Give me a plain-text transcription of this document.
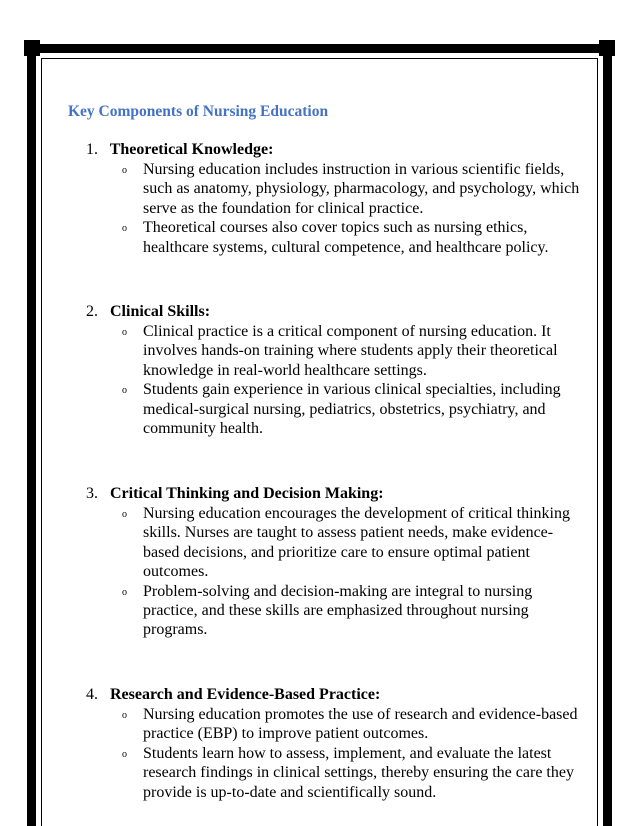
Key Components of Nursing Education
1. Theoretical Knowledge:
o Nursing education includes instruction in various scientific fields, such as anatomy, physiology, pharmacology, and psychology, which serve as the foundation for clinical practice.
o Theoretical courses also cover topics such as nursing ethics, healthcare systems, cultural competence, and healthcare policy.
2. Clinical Skills:
o Clinical practice is a critical component of nursing education. It involves hands-on training where students apply their theoretical knowledge in real-world healthcare settings.
o Students gain experience in various clinical specialties, including medical-surgical nursing, pediatrics, obstetrics, psychiatry, and community health.
3. Critical Thinking and Decision Making:
o Nursing education encourages the development of critical thinking skills. Nurses are taught to assess patient needs, make evidence-based decisions, and prioritize care to ensure optimal patient outcomes.
o Problem-solving and decision-making are integral to nursing practice, and these skills are emphasized throughout nursing programs.
4. Research and Evidence-Based Practice:
o Nursing education promotes the use of research and evidence-based practice (EBP) to improve patient outcomes.
o Students learn how to assess, implement, and evaluate the latest research findings in clinical settings, thereby ensuring the care they provide is up-to-date and scientifically sound.
